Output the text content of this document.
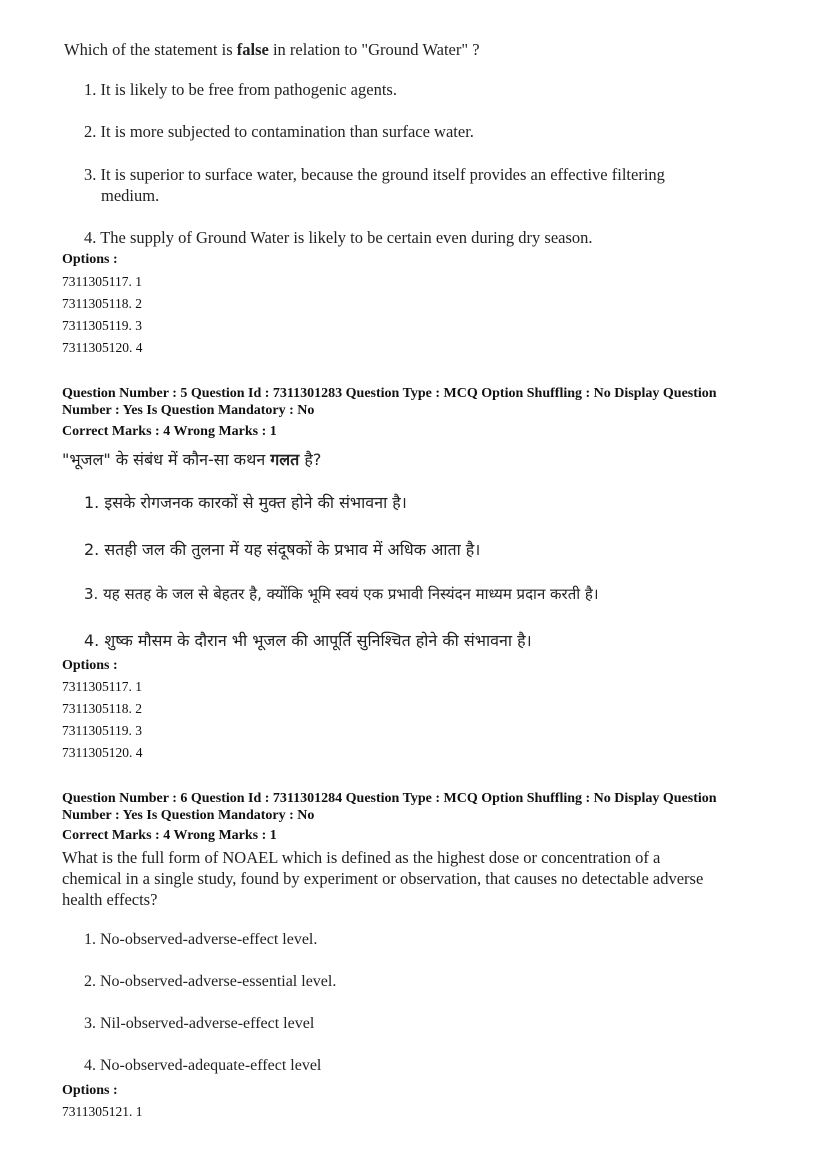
Which of the statement is false in relation to "Ground Water" ?
1. It is likely to be free from pathogenic agents.
2. It is more subjected to contamination than surface water.
3. It is superior to surface water, because the ground itself provides an effective filtering
medium.
4. The supply of Ground Water is likely to be certain even during dry season.
Options :
7311305117. 1
7311305118. 2
7311305119. 3
7311305120. 4
Question Number : 5 Question Id : 7311301283 Question Type : MCQ Option Shuffling : No Display Question
Number : Yes Is Question Mandatory : No
Correct Marks : 4 Wrong Marks : 1
"भूजल" के संबंध में कौन-सा कथन गलत है?
1. इसके रोगजनक कारकों से मुक्त होने की संभावना है।
2. सतही जल की तुलना में यह संदूषकों के प्रभाव में अधिक आता है।
3. यह सतह के जल से बेहतर है, क्योंकि भूमि स्वयं एक प्रभावी निस्यंदन माध्यम प्रदान करती है।
4. शुष्क मौसम के दौरान भी भूजल की आपूर्ति सुनिश्चित होने की संभावना है।
Options :
7311305117. 1
7311305118. 2
7311305119. 3
7311305120. 4
Question Number : 6 Question Id : 7311301284 Question Type : MCQ Option Shuffling : No Display Question
Number : Yes Is Question Mandatory : No
Correct Marks : 4 Wrong Marks : 1
What is the full form of NOAEL which is defined as the highest dose or concentration of a
chemical in a single study, found by experiment or observation, that causes no detectable adverse
health effects?
1. No-observed-adverse-effect level.
2. No-observed-adverse-essential level.
3. Nil-observed-adverse-effect level
4. No-observed-adequate-effect level
Options :
7311305121. 1
